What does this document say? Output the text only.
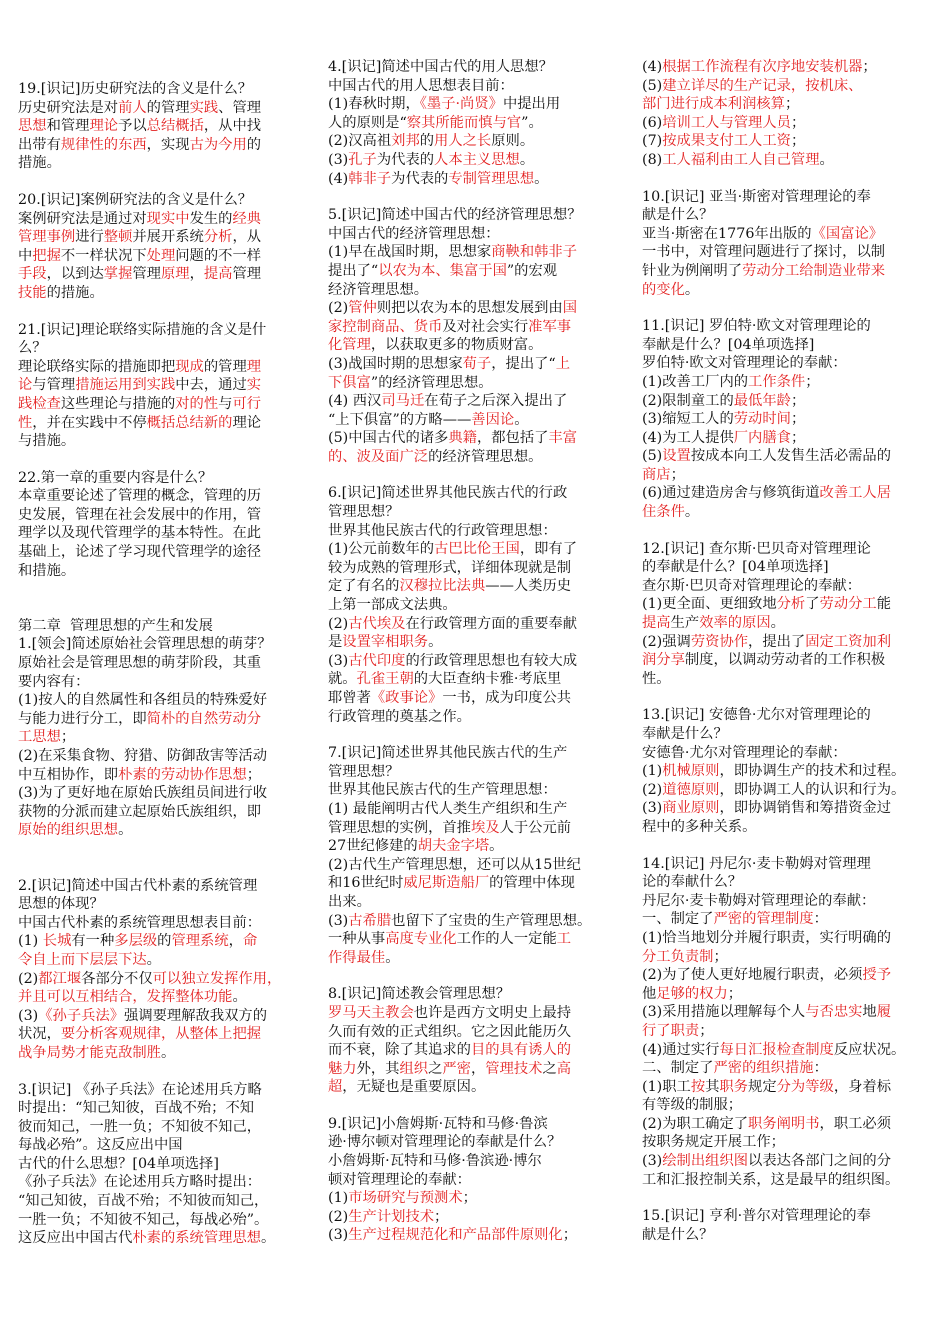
19.[识记]历史研究法的含义是什么？
历史研究法是对前人的管理实践、管理
思想和管理理论予以总结概括，从中找
出带有规律性的东西，实现古为今用的
措施。
20.[识记]案例研究法的含义是什么？
案例研究法是通过对现实中发生的经典
管理事例进行整顿并展开系统分析，从
中把握不一样状况下处理问题的不一样
手段，以到达掌握管理原理，提高管理
技能的措施。
21.[识记]理论联络实际措施的含义是什
么？
理论联络实际的措施即把现成的管理理
论与管理措施运用到实践中去，通过实
践检查这些理论与措施的对的性与可行
性，并在实践中不停概括总结新的理论
与措施。
22.第一章的重要内容是什么？
本章重要论述了管理的概念，管理的历
史发展，管理在社会发展中的作用，管
理学以及现代管理学的基本特性。在此
基础上，论述了学习现代管理学的途径
和措施。

第二章  管理思想的产生和发展
1.[领会]简述原始社会管理思想的萌芽？
原始社会是管理思想的萌芽阶段，其重
要内容有：
(1)按人的自然属性和各组员的特殊爱好
与能力进行分工，即简朴的自然劳动分
工思想；
(2)在采集食物、狩猎、防御敌害等活动
中互相协作，即朴素的劳动协作思想；
(3)为了更好地在原始氏族组员间进行收
获物的分派而建立起原始氏族组织，即
原始的组织思想。

2.[识记]简述中国古代朴素的系统管理
思想的体现？
中国古代朴素的系统管理思想表目前：
(1) 长城有一种多层级的管理系统，命
令自上而下层层下达。
(2)都江堰各部分不仅可以独立发挥作用，
并且可以互相结合，发挥整体功能。
(3)《孙子兵法》强调要理解敌我双方的
状况，要分析客观规律，从整体上把握
战争局势才能克敌制胜。
3.[识记] 《孙子兵法》在论述用兵方略
时提出：“知己知彼，百战不殆；不知
彼而知己，一胜一负；不知彼不知己，
每战必殆”。这反应出中国
古代的什么思想？[04单项选择]
《孙子兵法》在论述用兵方略时提出：
“知己知彼，百战不殆；不知彼而知己，
一胜一负；不知彼不知己，每战必殆”。
这反应出中国古代朴素的系统管理思想。
4.[识记]简述中国古代的用人思想？
中国古代的用人思想表目前：
(1)春秋时期，《墨子·尚贤》中提出用
人的原则是“察其所能而慎与官”。
(2)汉高祖刘邦的用人之长原则。
(3)孔子为代表的人本主义思想。
(4)韩非子为代表的专制管理思想。
5.[识记]简述中国古代的经济管理思想？
中国古代的经济管理思想：
(1)早在战国时期，思想家商鞅和韩非子
提出了“以农为本、集富于国”的宏观
经济管理思想。
(2)管仲则把以农为本的思想发展到由国
家控制商品、货币及对社会实行准军事
化管理，以获取更多的物质财富。
(3)战国时期的思想家荀子，提出了“上
下俱富”的经济管理思想。
(4) 西汉司马迁在荀子之后深入提出了
“上下俱富”的方略——善因论。
(5)中国古代的诸多典籍，都包括了丰富
的、波及面广泛的经济管理思想。
6.[识记]简述世界其他民族古代的行政
管理思想？
世界其他民族古代的行政管理思想：
(1)公元前数年的古巴比伦王国，即有了
较为成熟的管理形式，详细体现就是制
定了有名的汉穆拉比法典——人类历史
上第一部成文法典。
(2)古代埃及在行政管理方面的重要奉献
是设置宰相职务。
(3)古代印度的行政管理思想也有较大成
就。孔雀王朝的大臣查纳卡雅·考底里
耶曾著《政事论》一书，成为印度公共
行政管理的奠基之作。
7.[识记]简述世界其他民族古代的生产
管理思想？
世界其他民族古代的生产管理思想：
(1) 最能阐明古代人类生产组织和生产
管理思想的实例，首推埃及人于公元前
27世纪修建的胡夫金字塔。
(2)古代生产管理思想，还可以从15世纪
和16世纪时威尼斯造船厂的管理中体现
出来。
(3)古希腊也留下了宝贵的生产管理思想。
一种从事高度专业化工作的人一定能工
作得最佳。
8.[识记]简述教会管理思想？
罗马天主教会也许是西方文明史上最持
久而有效的正式组织。它之因此能历久
而不衰，除了其追求的目的具有诱人的
魅力外，其组织之严密，管理技术之高
超，无疑也是重要原因。
9.[识记]小詹姆斯·瓦特和马修·鲁滨
逊·博尔顿对管理理论的奉献是什么？
小詹姆斯·瓦特和马修·鲁滨逊·博尔
顿对管理理论的奉献：
(1)市场研究与预测术；
(2)生产计划技术；
(3)生产过程规范化和产品部件原则化；
(4)根据工作流程有次序地安装机器；
(5)建立详尽的生产记录，按机床、
部门进行成本利润核算；
(6)培训工人与管理人员；
(7)按成果支付工人工资；
(8)工人福利由工人自己管理。
10.[识记] 亚当·斯密对管理理论的奉
献是什么？
亚当·斯密在1776年出版的《国富论》
一书中，对管理问题进行了探讨，以制
针业为例阐明了劳动分工给制造业带来
的变化。
11.[识记] 罗伯特·欧文对管理理论的
奉献是什么？[04单项选择]
罗伯特·欧文对管理理论的奉献：
(1)改善工厂内的工作条件；
(2)限制童工的最低年龄；
(3)缩短工人的劳动时间；
(4)为工人提供厂内膳食；
(5)设置按成本向工人发售生活必需品的
商店；
(6)通过建造房舍与修筑街道改善工人居
住条件。
12.[识记] 查尔斯·巴贝奇对管理理论
的奉献是什么？[04单项选择]
查尔斯·巴贝奇对管理理论的奉献：
(1)更全面、更细致地分析了劳动分工能
提高生产效率的原因。
(2)强调劳资协作，提出了固定工资加利
润分享制度，以调动劳动者的工作积极
性。
13.[识记] 安德鲁·尤尔对管理理论的
奉献是什么？
安德鲁·尤尔对管理理论的奉献：
(1)机械原则，即协调生产的技术和过程。
(2)道德原则，即协调工人的认识和行为。
(3)商业原则，即协调销售和筹措资金过
程中的多种关系。
14.[识记] 丹尼尔·麦卡勒姆对管理理
论的奉献什么？
丹尼尔·麦卡勒姆对管理理论的奉献：
一、制定了严密的管理制度：
(1)恰当地划分并履行职责，实行明确的
分工负责制；
(2)为了使人更好地履行职责，必须授予
他足够的权力；
(3)采用措施以理解每个人与否忠实地履
行了职责；
(4)通过实行每日汇报检查制度反应状况。
二、制定了严密的组织措施：
(1)职工按其职务规定分为等级，身着标
有等级的制服；
(2)为职工确定了职务阐明书，职工必须
按职务规定开展工作；
(3)绘制出组织图以表达各部门之间的分
工和汇报控制关系，这是最早的组织图。
15.[识记] 亨利·普尔对管理理论的奉
献是什么？
